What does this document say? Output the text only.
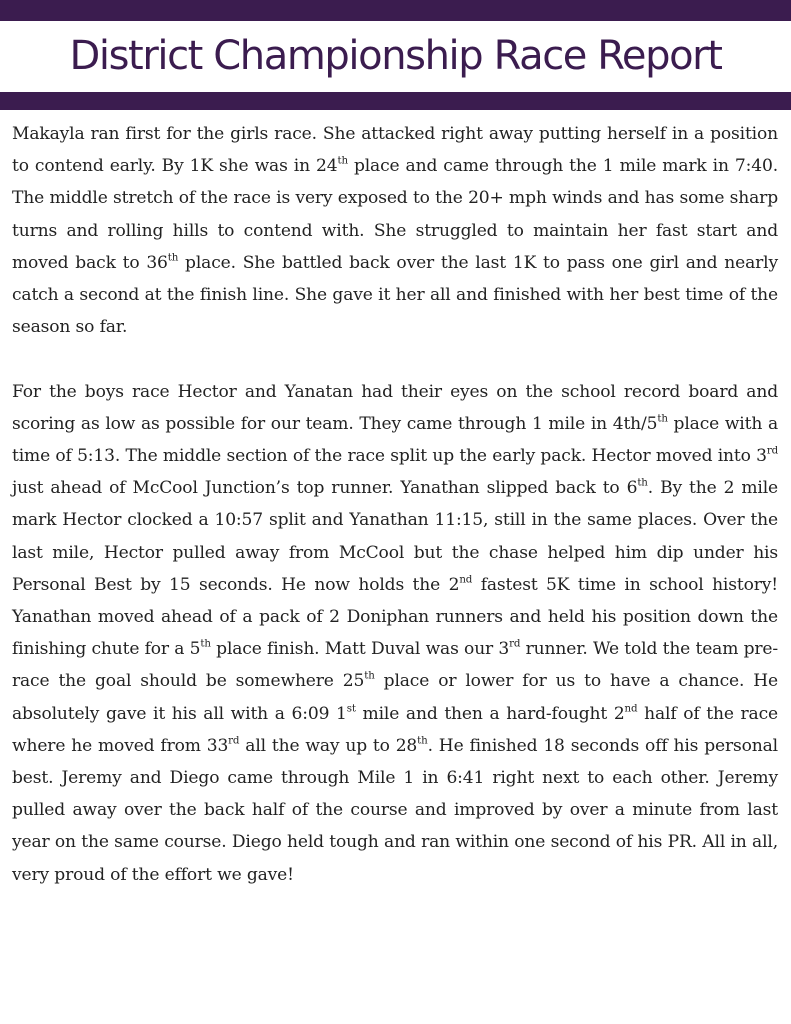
District Championship Race Report

Makayla ran first for the girls race. She attacked right away putting herself in a position to contend early. By 1K she was in 24th place and came through the 1 mile mark in 7:40. The middle stretch of the race is very exposed to the 20+ mph winds and has some sharp turns and rolling hills to contend with. She struggled to maintain her fast start and moved back to 36th place. She battled back over the last 1K to pass one girl and nearly catch a second at the finish line. She gave it her all and finished with her best time of the season so far.

For the boys race Hector and Yanatan had their eyes on the school record board and scoring as low as possible for our team. They came through 1 mile in 4th/5th place with a time of 5:13. The middle section of the race split up the early pack. Hector moved into 3rd just ahead of McCool Junction’s top runner. Yanathan slipped back to 6th. By the 2 mile mark Hector clocked a 10:57 split and Yanathan 11:15, still in the same places. Over the last mile, Hector pulled away from McCool but the chase helped him dip under his Personal Best by 15 seconds. He now holds the 2nd fastest 5K time in school history! Yanathan moved ahead of a pack of 2 Doniphan runners and held his position down the finishing chute for a 5th place finish. Matt Duval was our 3rd runner. We told the team pre-race the goal should be somewhere 25th place or lower for us to have a chance. He absolutely gave it his all with a 6:09 1st mile and then a hard-fought 2nd half of the race where he moved from 33rd all the way up to 28th. He finished 18 seconds off his personal best. Jeremy and Diego came through Mile 1 in 6:41 right next to each other. Jeremy pulled away over the back half of the course and improved by over a minute from last year on the same course. Diego held tough and ran within one second of his PR. All in all, very proud of the effort we gave!
